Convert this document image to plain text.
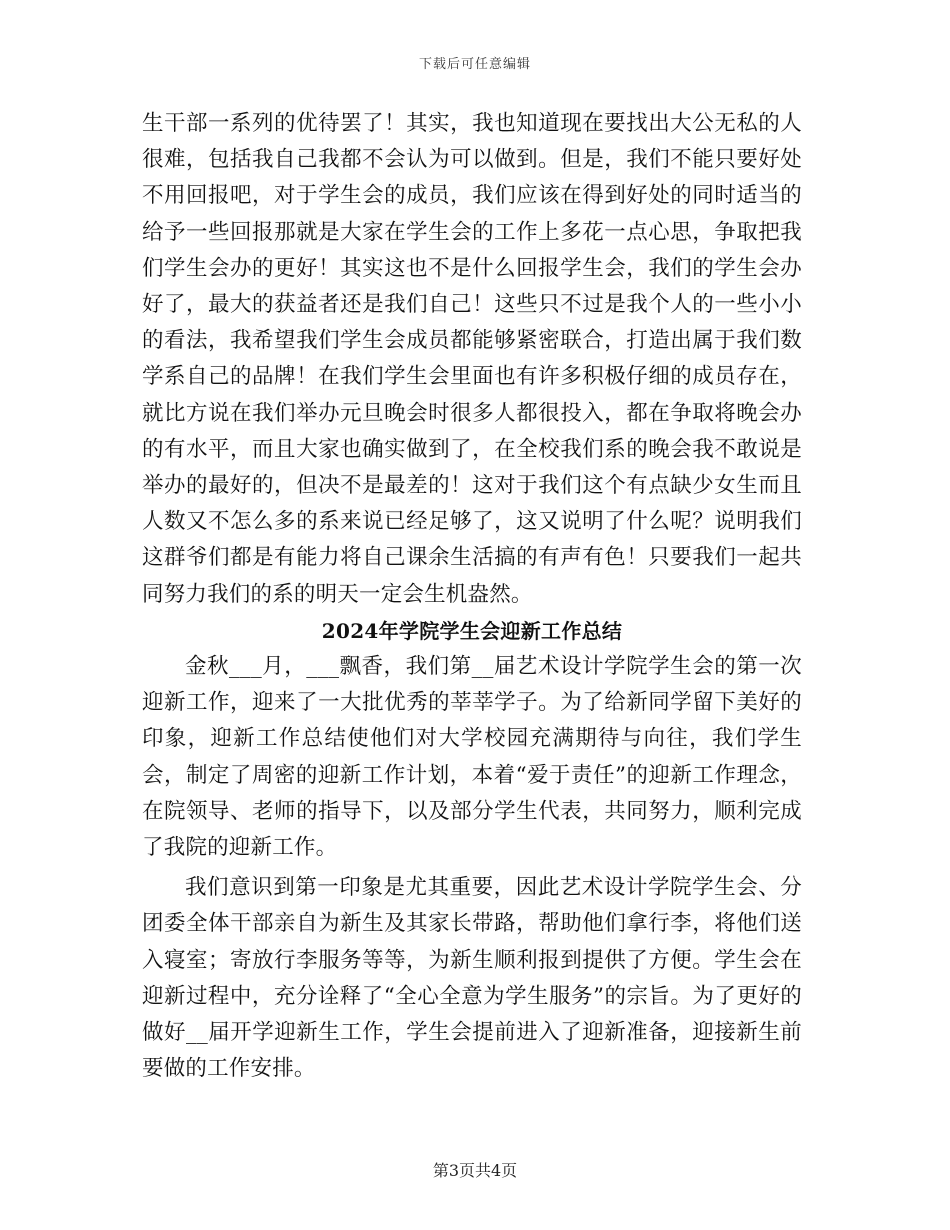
下载后可任意编辑

生干部一系列的优待罢了！其实，我也知道现在要找出大公无私的人很难，包括我自己我都不会认为可以做到。但是，我们不能只要好处不用回报吧，对于学生会的成员，我们应该在得到好处的同时适当的给予一些回报那就是大家在学生会的工作上多花一点心思，争取把我们学生会办的更好！其实这也不是什么回报学生会，我们的学生会办好了，最大的获益者还是我们自己！这些只不过是我个人的一些小小的看法，我希望我们学生会成员都能够紧密联合，打造出属于我们数学系自己的品牌！在我们学生会里面也有许多积极仔细的成员存在，就比方说在我们举办元旦晚会时很多人都很投入，都在争取将晚会办的有水平，而且大家也确实做到了，在全校我们系的晚会我不敢说是举办的最好的，但决不是最差的！这对于我们这个有点缺少女生而且人数又不怎么多的系来说已经足够了，这又说明了什么呢？说明我们这群爷们都是有能力将自己课余生活搞的有声有色！只要我们一起共同努力我们的系的明天一定会生机盎然。

2024年学院学生会迎新工作总结

金秋___月，___飘香，我们第__届艺术设计学院学生会的第一次迎新工作，迎来了一大批优秀的莘莘学子。为了给新同学留下美好的印象，迎新工作总结使他们对大学校园充满期待与向往，我们学生会，制定了周密的迎新工作计划，本着“爱于责任”的迎新工作理念，在院领导、老师的指导下，以及部分学生代表，共同努力，顺利完成了我院的迎新工作。

我们意识到第一印象是尤其重要，因此艺术设计学院学生会、分团委全体干部亲自为新生及其家长带路，帮助他们拿行李，将他们送入寝室；寄放行李服务等等，为新生顺利报到提供了方便。学生会在迎新过程中，充分诠释了“全心全意为学生服务”的宗旨。为了更好的做好__届开学迎新生工作，学生会提前进入了迎新准备，迎接新生前要做的工作安排。

第3页共4页
